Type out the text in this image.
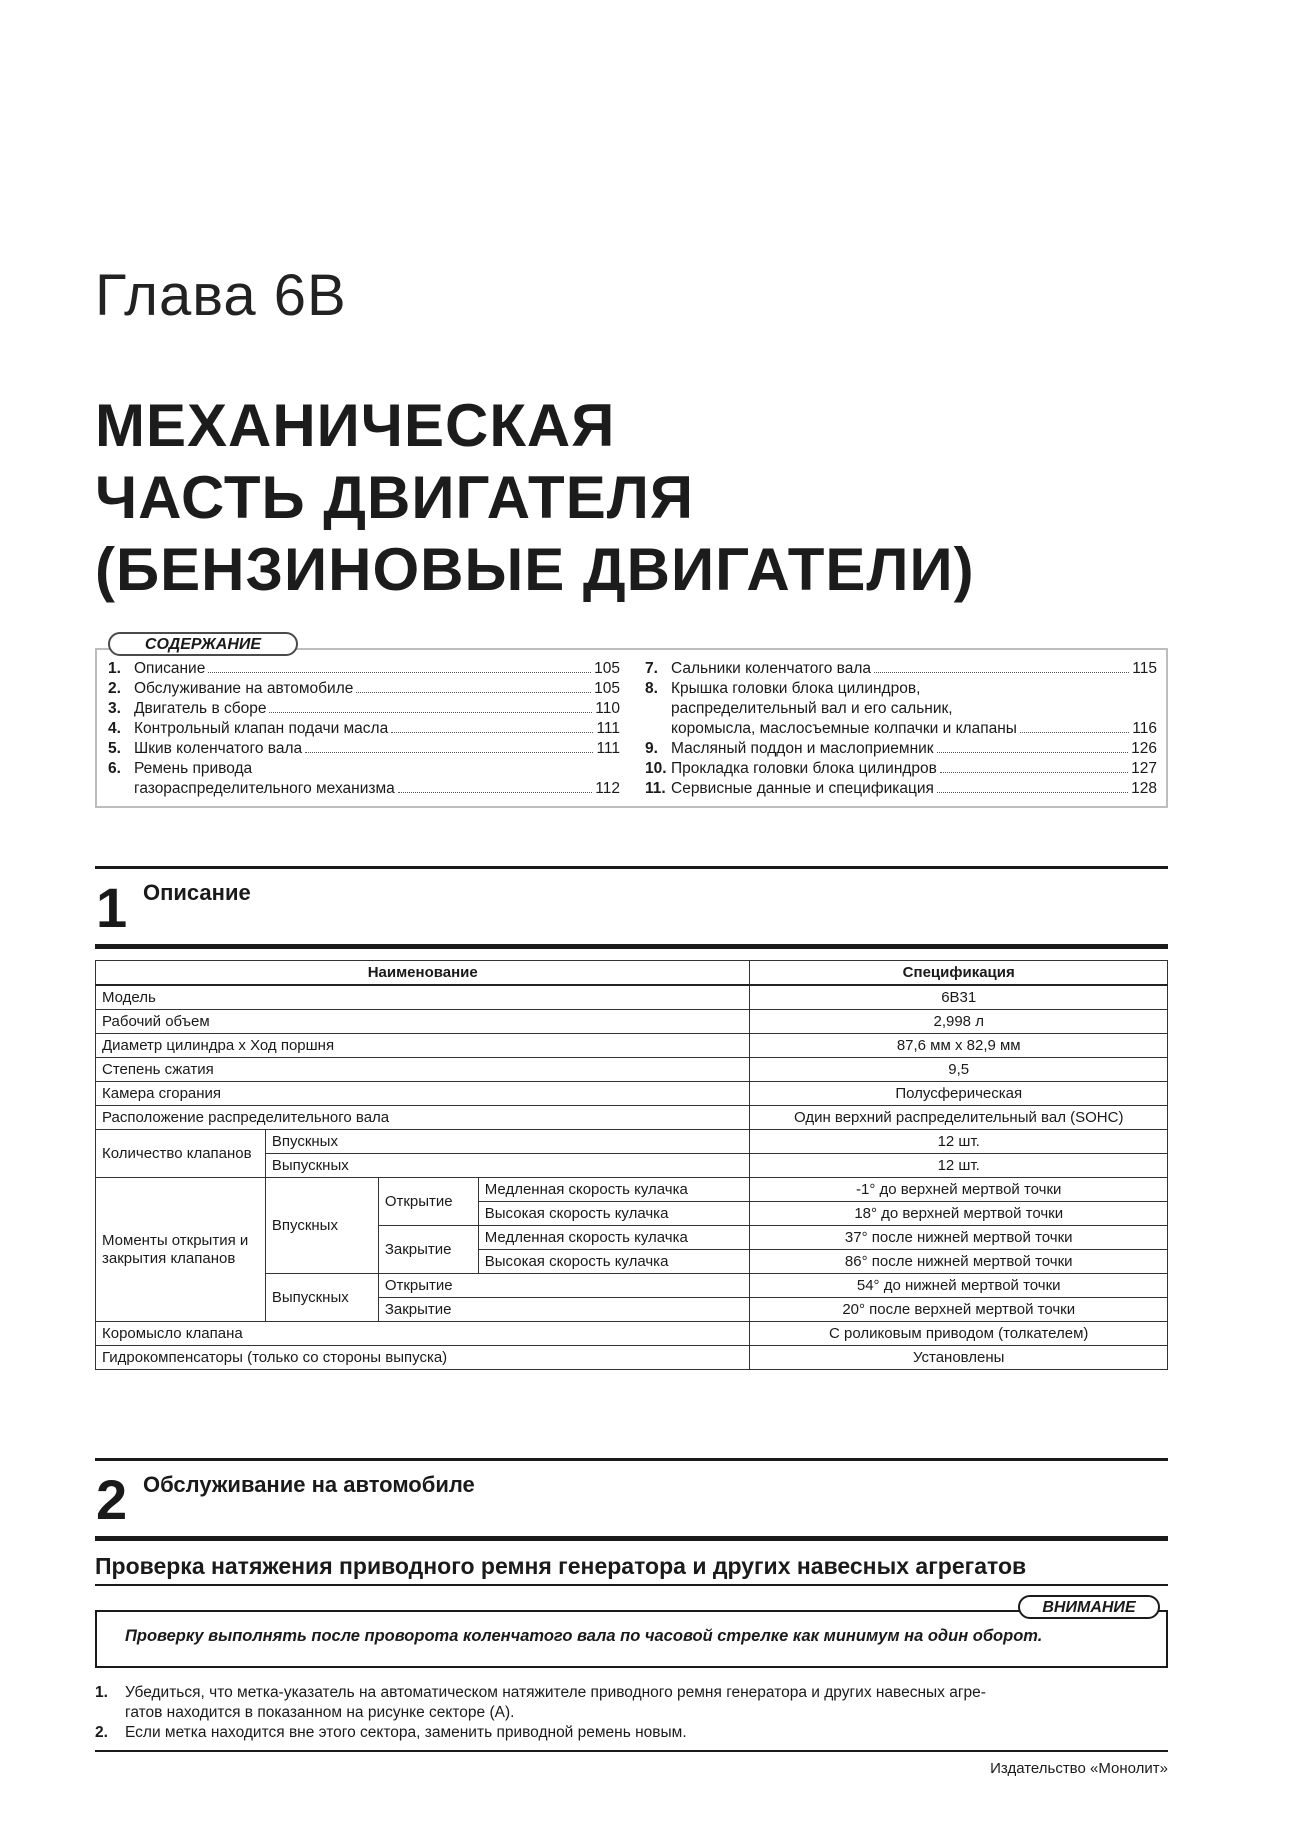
Глава 6В
МЕХАНИЧЕСКАЯ
ЧАСТЬ ДВИГАТЕЛЯ
(БЕНЗИНОВЫЕ ДВИГАТЕЛИ)
СОДЕРЖАНИЕ
1. Описание	105
2. Обслуживание на автомобиле	105
3. Двигатель в сборе	110
4. Контрольный клапан подачи масла	111
5. Шкив коленчатого вала	111
6. Ремень привода
газораспределительного механизма	112
7. Сальники коленчатого вала	115
8. Крышка головки блока цилиндров,
распределительный вал и его сальник,
коромысла, маслосъемные колпачки и клапаны	116
9. Масляный поддон и маслоприемник	126
10. Прокладка головки блока цилиндров	127
11. Сервисные данные и спецификация	128
1 Описание
Наименование				Спецификация
Модель				6В31
Рабочий объем				2,998 л
Диаметр цилиндра х Ход поршня				87,6 мм х 82,9 мм
Степень сжатия				9,5
Камера сгорания				Полусферическая
Расположение распределительного вала				Один верхний распределительный вал (SOHC)
Количество клапанов	Впускных			12 шт.
	Выпускных			12 шт.
Моменты открытия и закрытия клапанов	Впускных	Открытие	Медленная скорость кулачка	-1° до верхней мертвой точки
			Высокая скорость кулачка	18° до верхней мертвой точки
		Закрытие	Медленная скорость кулачка	37° после нижней мертвой точки
			Высокая скорость кулачка	86° после нижней мертвой точки
	Выпускных	Открытие		54° до нижней мертвой точки
		Закрытие		20° после верхней мертвой точки
Коромысло клапана				С роликовым приводом (толкателем)
Гидрокомпенсаторы (только со стороны выпуска)				Установлены
2 Обслуживание на автомобиле
Проверка натяжения приводного ремня генератора и других навесных агрегатов
ВНИМАНИЕ
Проверку выполнять после проворота коленчатого вала по часовой стрелке как минимум на один оборот.
1.	Убедиться, что метка-указатель на автоматическом натяжителе приводного ремня генератора и других навесных агре-
гатов находится в показанном на рисунке секторе (А).
2.	Если метка находится вне этого сектора, заменить приводной ремень новым.
Издательство «Монолит»
